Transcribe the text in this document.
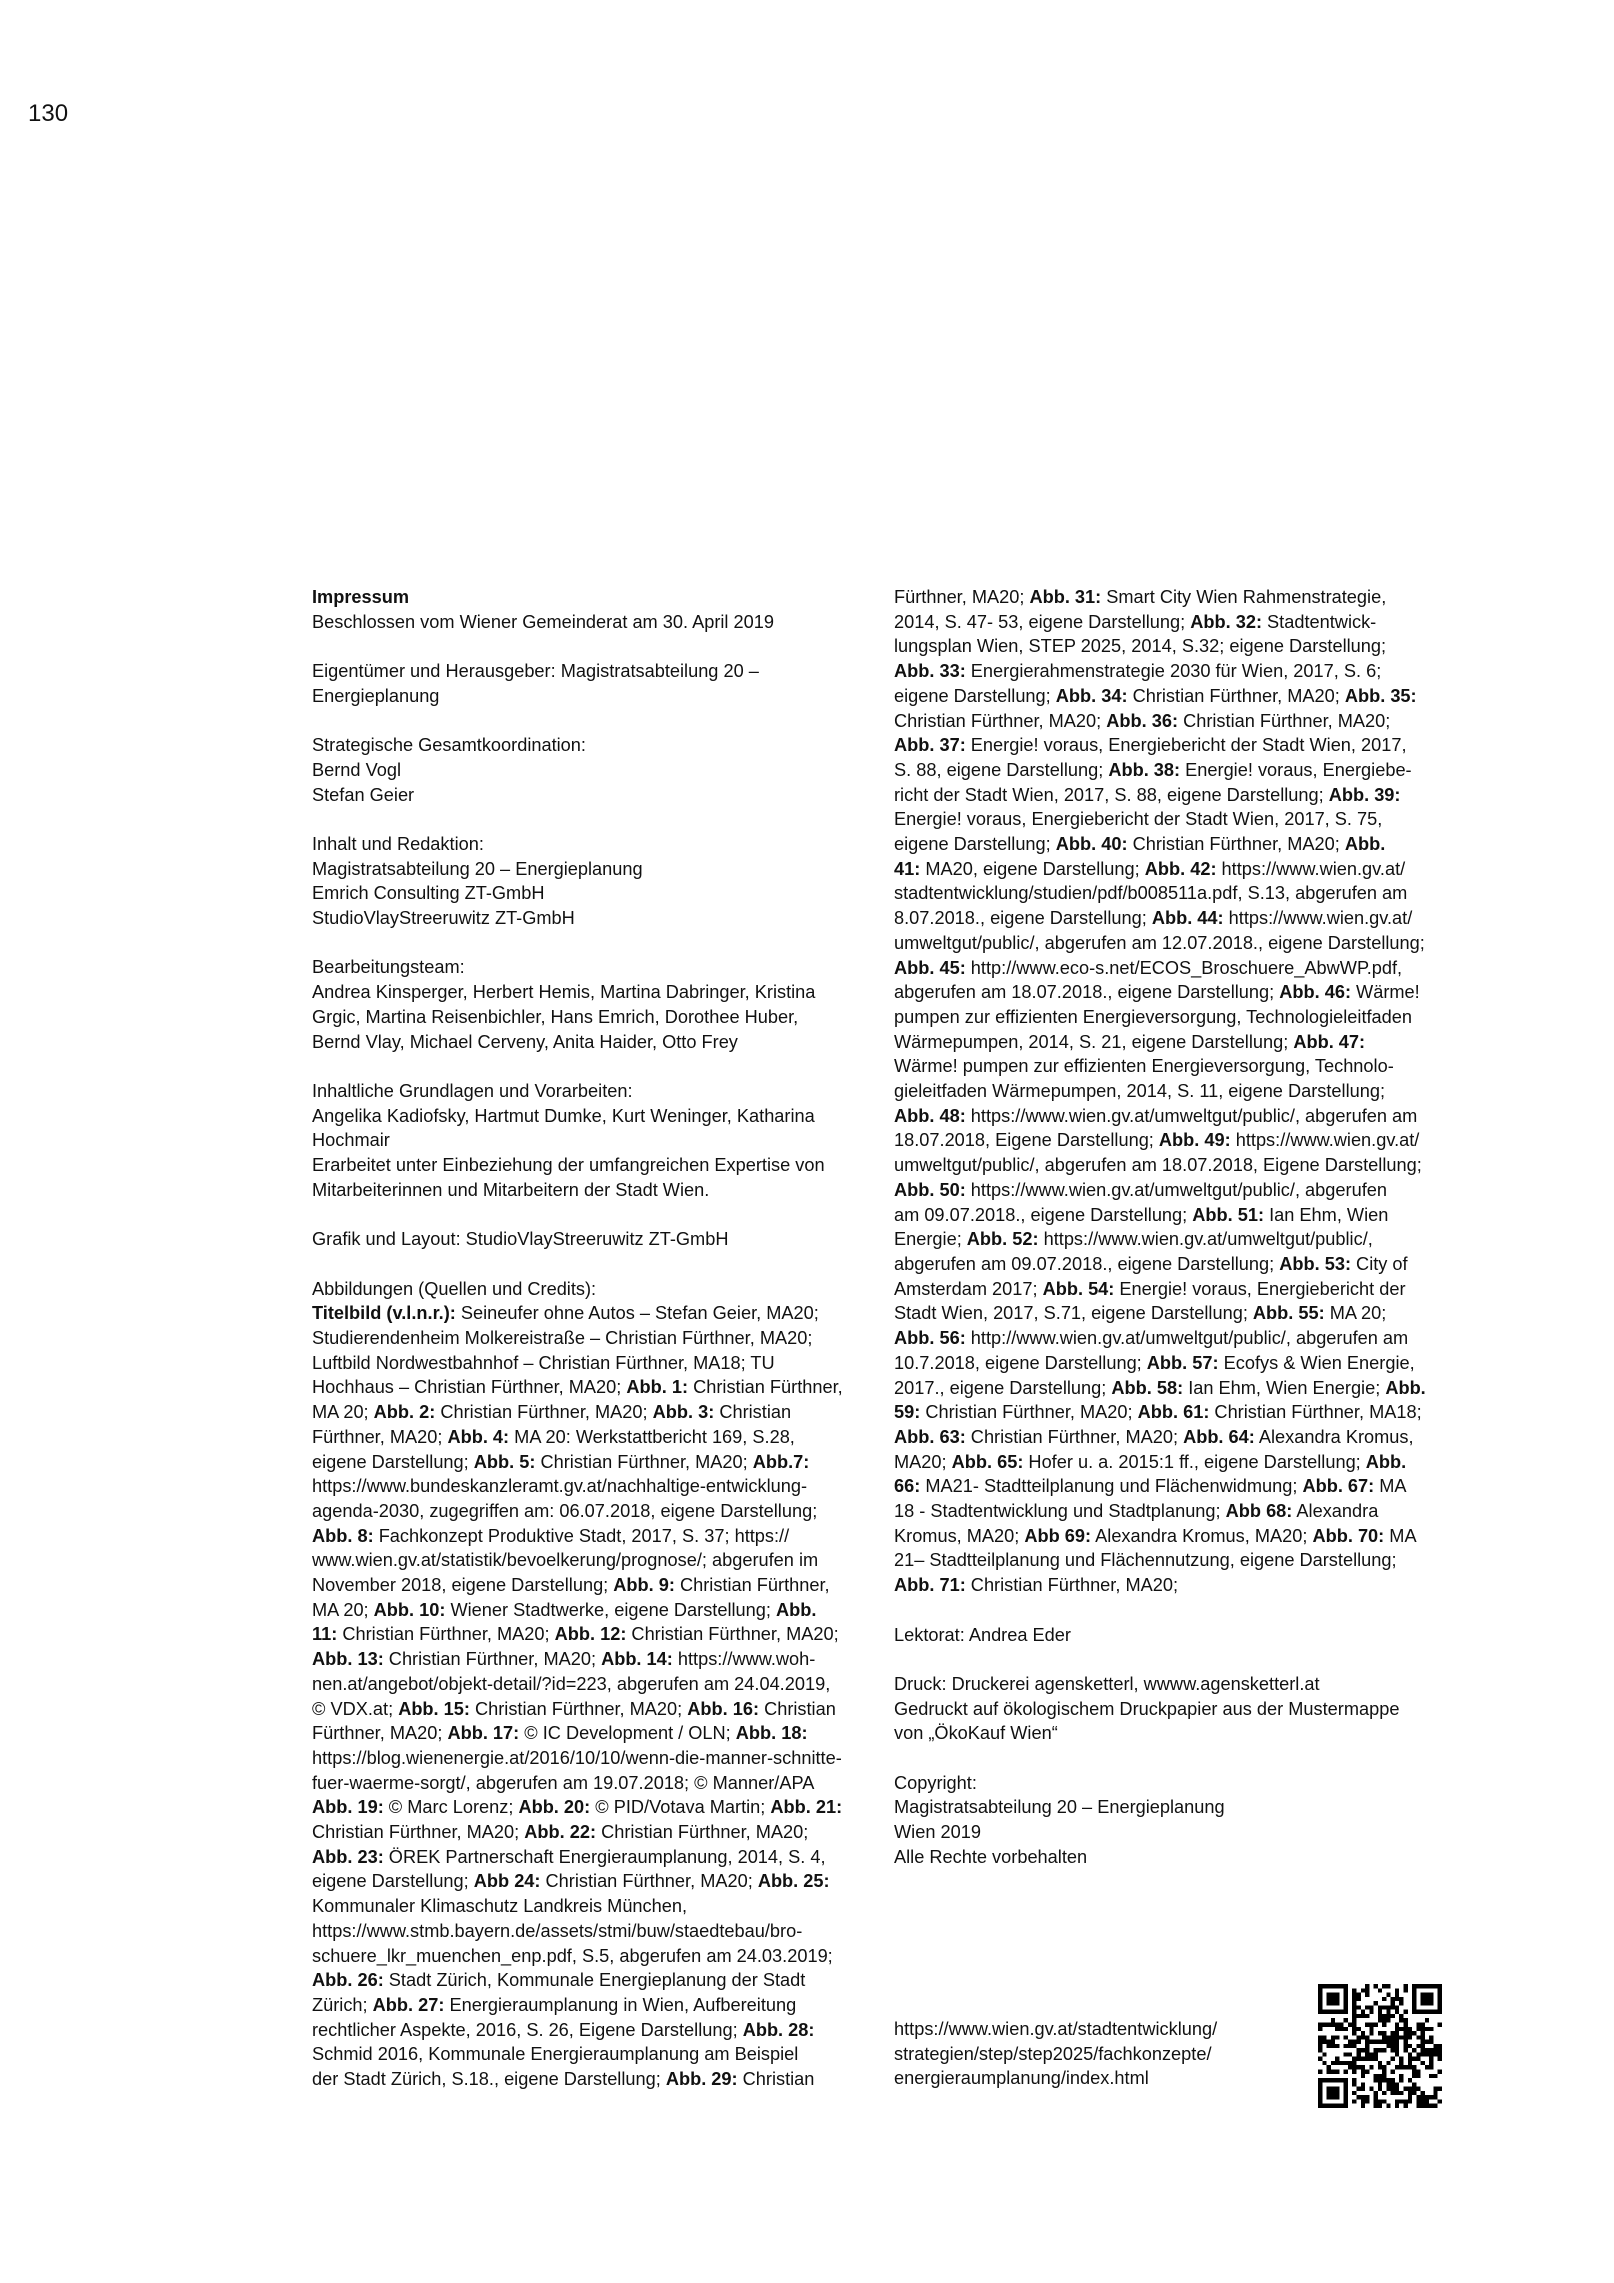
130

Impressum
Beschlossen vom Wiener Gemeinderat am 30. April 2019

Eigentümer und Herausgeber: Magistratsabteilung 20 –
Energieplanung

Strategische Gesamtkoordination:
Bernd Vogl
Stefan Geier

Inhalt und Redaktion:
Magistratsabteilung 20 – Energieplanung
Emrich Consulting ZT-GmbH
StudioVlayStreeruwitz ZT-GmbH

Bearbeitungsteam:
Andrea Kinsperger, Herbert Hemis, Martina Dabringer, Kristina
Grgic, Martina Reisenbichler, Hans Emrich, Dorothee Huber,
Bernd Vlay, Michael Cerveny, Anita Haider, Otto Frey

Inhaltliche Grundlagen und Vorarbeiten:
Angelika Kadiofsky, Hartmut Dumke, Kurt Weninger, Katharina
Hochmair
Erarbeitet unter Einbeziehung der umfangreichen Expertise von
Mitarbeiterinnen und Mitarbeitern der Stadt Wien.

Grafik und Layout: StudioVlayStreeruwitz ZT-GmbH

Abbildungen (Quellen und Credits):
Titelbild (v.l.n.r.): Seineufer ohne Autos – Stefan Geier, MA20;
Studierendenheim Molkereistraße – Christian Fürthner, MA20;
Luftbild Nordwestbahnhof – Christian Fürthner, MA18; TU
Hochhaus – Christian Fürthner, MA20; Abb. 1: Christian Fürthner,
MA 20; Abb. 2: Christian Fürthner, MA20; Abb. 3: Christian
Fürthner, MA20; Abb. 4: MA 20: Werkstattbericht 169, S.28,
eigene Darstellung; Abb. 5: Christian Fürthner, MA20; Abb.7:
https://www.bundeskanzleramt.gv.at/nachhaltige-entwicklung-
agenda-2030, zugegriffen am: 06.07.2018, eigene Darstellung;
Abb. 8: Fachkonzept Produktive Stadt, 2017, S. 37; https://
www.wien.gv.at/statistik/bevoelkerung/prognose/; abgerufen im
November 2018, eigene Darstellung; Abb. 9: Christian Fürthner,
MA 20; Abb. 10: Wiener Stadtwerke, eigene Darstellung; Abb.
11: Christian Fürthner, MA20; Abb. 12: Christian Fürthner, MA20;
Abb. 13: Christian Fürthner, MA20; Abb. 14: https://www.woh-
nen.at/angebot/objekt-detail/?id=223, abgerufen am 24.04.2019,
© VDX.at; Abb. 15: Christian Fürthner, MA20; Abb. 16: Christian
Fürthner, MA20; Abb. 17: © IC Development / OLN; Abb. 18:
https://blog.wienenergie.at/2016/10/10/wenn-die-manner-schnitte-
fuer-waerme-sorgt/, abgerufen am 19.07.2018; © Manner/APA
Abb. 19: © Marc Lorenz; Abb. 20: © PID/Votava Martin; Abb. 21:
Christian Fürthner, MA20; Abb. 22: Christian Fürthner, MA20;
Abb. 23: ÖREK Partnerschaft Energieraumplanung, 2014, S. 4,
eigene Darstellung; Abb 24: Christian Fürthner, MA20; Abb. 25:
Kommunaler Klimaschutz Landkreis München,
https://www.stmb.bayern.de/assets/stmi/buw/staedtebau/bro-
schuere_lkr_muenchen_enp.pdf, S.5, abgerufen am 24.03.2019;
Abb. 26: Stadt Zürich, Kommunale Energieplanung der Stadt
Zürich; Abb. 27: Energieraumplanung in Wien, Aufbereitung
rechtlicher Aspekte, 2016, S. 26, Eigene Darstellung; Abb. 28:
Schmid 2016, Kommunale Energieraumplanung am Beispiel
der Stadt Zürich, S.18., eigene Darstellung; Abb. 29: Christian

Fürthner, MA20; Abb. 31: Smart City Wien Rahmenstrategie,
2014, S. 47- 53, eigene Darstellung; Abb. 32: Stadtentwick-
lungsplan Wien, STEP 2025, 2014, S.32; eigene Darstellung;
Abb. 33: Energierahmenstrategie 2030 für Wien, 2017, S. 6;
eigene Darstellung; Abb. 34: Christian Fürthner, MA20; Abb. 35:
Christian Fürthner, MA20; Abb. 36: Christian Fürthner, MA20;
Abb. 37: Energie! voraus, Energiebericht der Stadt Wien, 2017,
S. 88, eigene Darstellung; Abb. 38: Energie! voraus, Energiebe-
richt der Stadt Wien, 2017, S. 88, eigene Darstellung; Abb. 39:
Energie! voraus, Energiebericht der Stadt Wien, 2017, S. 75,
eigene Darstellung; Abb. 40: Christian Fürthner, MA20; Abb.
41: MA20, eigene Darstellung; Abb. 42: https://www.wien.gv.at/
stadtentwicklung/studien/pdf/b008511a.pdf, S.13, abgerufen am
8.07.2018., eigene Darstellung; Abb. 44: https://www.wien.gv.at/
umweltgut/public/, abgerufen am 12.07.2018., eigene Darstellung;
Abb. 45: http://www.eco-s.net/ECOS_Broschuere_AbwWP.pdf,
abgerufen am 18.07.2018., eigene Darstellung; Abb. 46: Wärme!
pumpen zur effizienten Energieversorgung, Technologieleitfaden
Wärmepumpen, 2014, S. 21, eigene Darstellung; Abb. 47:
Wärme! pumpen zur effizienten Energieversorgung, Technolo-
gieleitfaden Wärmepumpen, 2014, S. 11, eigene Darstellung;
Abb. 48: https://www.wien.gv.at/umweltgut/public/, abgerufen am
18.07.2018, Eigene Darstellung; Abb. 49: https://www.wien.gv.at/
umweltgut/public/, abgerufen am 18.07.2018, Eigene Darstellung;
Abb. 50: https://www.wien.gv.at/umweltgut/public/, abgerufen
am 09.07.2018., eigene Darstellung; Abb. 51: Ian Ehm, Wien
Energie; Abb. 52: https://www.wien.gv.at/umweltgut/public/,
abgerufen am 09.07.2018., eigene Darstellung; Abb. 53: City of
Amsterdam 2017; Abb. 54: Energie! voraus, Energiebericht der
Stadt Wien, 2017, S.71, eigene Darstellung; Abb. 55: MA 20;
Abb. 56: http://www.wien.gv.at/umweltgut/public/, abgerufen am
10.7.2018, eigene Darstellung; Abb. 57: Ecofys & Wien Energie,
2017., eigene Darstellung; Abb. 58: Ian Ehm, Wien Energie; Abb.
59: Christian Fürthner, MA20; Abb. 61: Christian Fürthner, MA18;
Abb. 63: Christian Fürthner, MA20; Abb. 64: Alexandra Kromus,
MA20; Abb. 65: Hofer u. a. 2015:1 ff., eigene Darstellung; Abb.
66: MA21- Stadtteilplanung und Flächenwidmung; Abb. 67: MA
18 - Stadtentwicklung und Stadtplanung; Abb 68: Alexandra
Kromus, MA20; Abb 69: Alexandra Kromus, MA20; Abb. 70: MA
21– Stadtteilplanung und Flächennutzung, eigene Darstellung;
Abb. 71: Christian Fürthner, MA20;

Lektorat: Andrea Eder

Druck: Druckerei agensketterl, wwww.agensketterl.at
Gedruckt auf ökologischem Druckpapier aus der Mustermappe
von „ÖkoKauf Wien“

Copyright:
Magistratsabteilung 20 – Energieplanung
Wien 2019
Alle Rechte vorbehalten

https://www.wien.gv.at/stadtentwicklung/
strategien/step/step2025/fachkonzepte/
energieraumplanung/index.html
